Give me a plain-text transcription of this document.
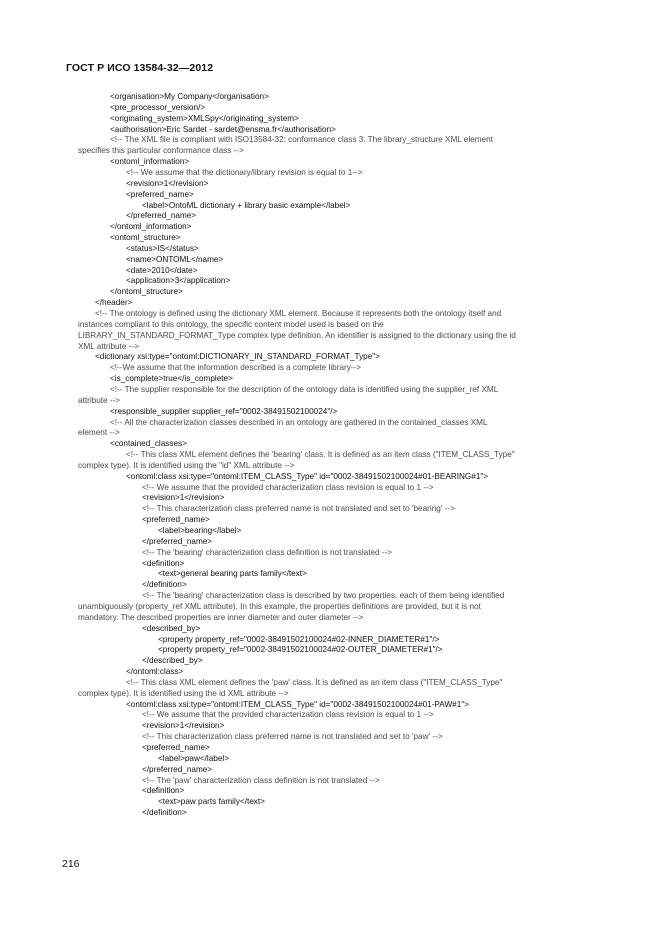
ГОСТ Р ИСО 13584-32—2012
<organisation>My Company</organisation>
<pre_processor_version/>
<originating_system>XMLSpy</originating_system>
<authorisation>Eric Sardet - sardet@ensma.fr</authorisation>
<!-- The XML file is compliant with ISO13584-32: conformance class 3. The library_structure XML element
specifies this particular conformance class -->
<ontoml_information>
<!-- We assume that the dictionary/library revision is equal to 1-->
<revision>1</revision>
<preferred_name>
<label>OntoML dictionary + library basic example</label>
</preferred_name>
</ontoml_information>
<ontoml_structure>
<status>IS</status>
<name>ONTOML</name>
<date>2010</date>
<application>3</application>
</ontoml_structure>
</header>
<!-- The ontology is defined using the dictionary XML element. Because it represents both the ontology itself and
instances compliant to this ontology, the specific content model used is based on the
LIBRARY_IN_STANDARD_FORMAT_Type complex type definition. An identifier is assigned to the dictionary using the id
XML attribute -->
<dictionary xsi:type="ontoml:DICTIONARY_IN_STANDARD_FORMAT_Type">
<!--We assume that the information described is a complete library-->
<is_complete>true</is_complete>
<!-- The supplier responsible for the description of the ontology data is identified using the supplier_ref XML
attribute -->
<responsible_supplier supplier_ref="0002-38491502100024"/>
<!-- All the characterization classes described in an ontology are gathered in the contained_classes XML
element -->
<contained_classes>
<!-- This class XML element defines the 'bearing' class. It is defined as an item class ("ITEM_CLASS_Type"
complex type). It is identified using the "id" XML attribute -->
<ontoml:class xsi:type="ontoml:ITEM_CLASS_Type" id="0002-38491502100024#01-BEARING#1">
<!-- We assume that the provided characterization class revision is equal to 1 -->
<revision>1</revision>
<!-- This characterization class preferred name is not translated and set to 'bearing' -->
<preferred_name>
<label>bearing</label>
</preferred_name>
<!-- The 'bearing' characterization class definition is not translated -->
<definition>
<text>general bearing parts family</text>
</definition>
<!-- The 'bearing' characterization class is described by two properties, each of them being identified
unambiguously (property_ref XML attribute). In this example, the properties definitions are provided, but it is not
mandatory. The described properties are inner diameter and outer diameter -->
<described_by>
<property property_ref="0002-38491502100024#02-INNER_DIAMETER#1"/>
<property property_ref="0002-38491502100024#02-OUTER_DIAMETER#1"/>
</described_by>
</ontoml:class>
<!-- This class XML element defines the 'paw' class. It is defined as an item class ("ITEM_CLASS_Type"
complex type). It is identified using the id XML attribute -->
<ontoml:class xsi:type="ontoml:ITEM_CLASS_Type" id="0002-38491502100024#01-PAW#1">
<!-- We assume that the provided characterization class revision is equal to 1 -->
<revision>1</revision>
<!-- This characterization class preferred name is not translated and set to 'paw' -->
<preferred_name>
<label>paw</label>
</preferred_name>
<!-- The 'paw' characterization class definition is not translated -->
<definition>
<text>paw parts family</text>
</definition>
216
